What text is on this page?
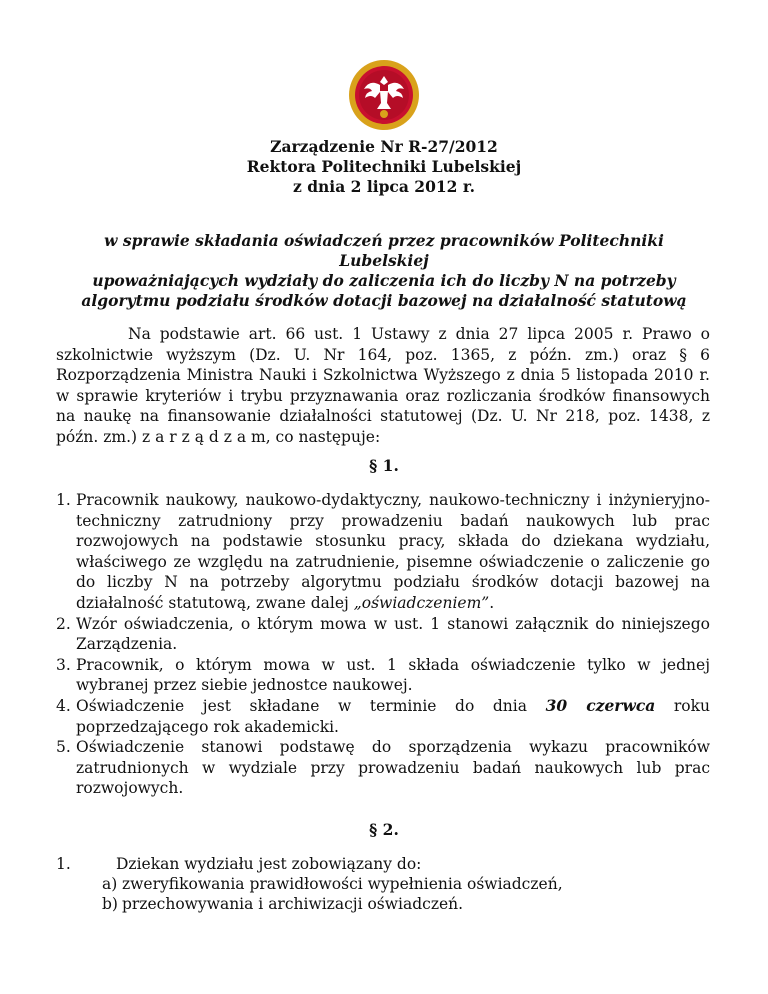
Zarządzenie Nr R-27/2012
Rektora Politechniki Lubelskiej
z dnia 2 lipca 2012 r.
w sprawie składania oświadczeń przez pracowników Politechniki Lubelskiej
upoważniających wydziały do zaliczenia ich do liczby N na potrzeby
algorytmu podziału środków dotacji bazowej na działalność statutową
Na podstawie art. 66 ust. 1 Ustawy z dnia 27 lipca 2005 r. Prawo o szkolnictwie wyższym (Dz. U. Nr 164, poz. 1365, z późn. zm.) oraz § 6 Rozporządzenia Ministra Nauki i Szkolnictwa Wyższego z dnia 5 listopada 2010 r. w sprawie kryteriów i trybu przyznawania oraz rozliczania środków finansowych na naukę na finansowanie działalności statutowej (Dz. U. Nr 218, poz. 1438, z późn. zm.) z a r z ą d z a m, co następuje:
§ 1.
1. Pracownik naukowy, naukowo-dydaktyczny, naukowo-techniczny i inżynieryjno-techniczny zatrudniony przy prowadzeniu badań naukowych lub prac rozwojowych na podstawie stosunku pracy, składa do dziekana wydziału, właściwego ze względu na zatrudnienie, pisemne oświadczenie o zaliczenie go do liczby N na potrzeby algorytmu podziału środków dotacji bazowej na działalność statutową, zwane dalej „oświadczeniem”.
2. Wzór oświadczenia, o którym mowa w ust. 1 stanowi załącznik do niniejszego Zarządzenia.
3. Pracownik, o którym mowa w ust. 1 składa oświadczenie tylko w jednej wybranej przez siebie jednostce naukowej.
4. Oświadczenie jest składane w terminie do dnia 30 czerwca roku poprzedzającego rok akademicki.
5. Oświadczenie stanowi podstawę do sporządzenia wykazu pracowników zatrudnionych w wydziale przy prowadzeniu badań naukowych lub prac rozwojowych.
§ 2.
1.	Dziekan wydziału jest zobowiązany do:
a) zweryfikowania prawidłowości wypełnienia oświadczeń,
b) przechowywania i archiwizacji oświadczeń.
